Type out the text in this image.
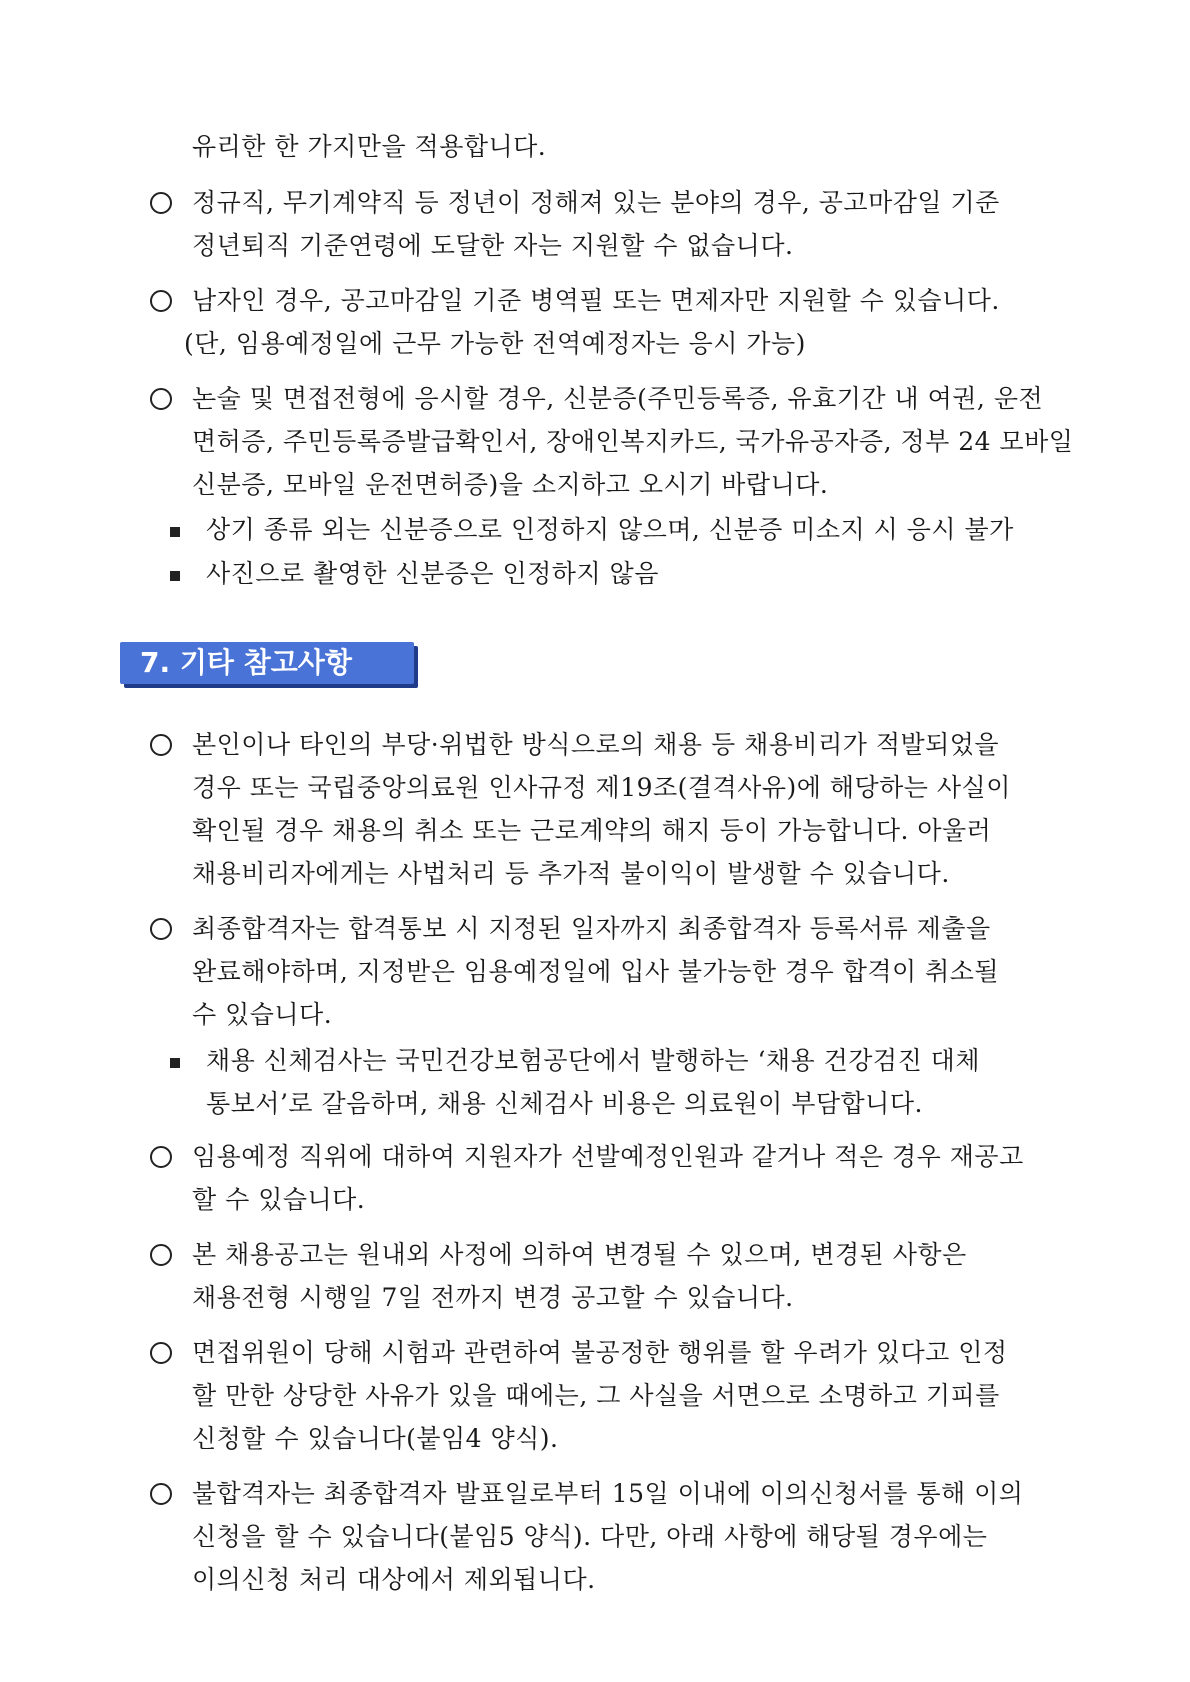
유리한 한 가지만을 적용합니다.
정규직, 무기계약직 등 정년이 정해져 있는 분야의 경우, 공고마감일 기준
정년퇴직 기준연령에 도달한 자는 지원할 수 없습니다.
남자인 경우, 공고마감일 기준 병역필 또는 면제자만 지원할 수 있습니다.
(단, 임용예정일에 근무 가능한 전역예정자는 응시 가능)
논술 및 면접전형에 응시할 경우, 신분증(주민등록증, 유효기간 내 여권, 운전
면허증, 주민등록증발급확인서, 장애인복지카드, 국가유공자증, 정부 24 모바일
신분증, 모바일 운전면허증)을 소지하고 오시기 바랍니다.
상기 종류 외는 신분증으로 인정하지 않으며, 신분증 미소지 시 응시 불가
사진으로 촬영한 신분증은 인정하지 않음
7. 기타 참고사항
본인이나 타인의 부당·위법한 방식으로의 채용 등 채용비리가 적발되었을
경우 또는 국립중앙의료원 인사규정 제19조(결격사유)에 해당하는 사실이
확인될 경우 채용의 취소 또는 근로계약의 해지 등이 가능합니다. 아울러
채용비리자에게는 사법처리 등 추가적 불이익이 발생할 수 있습니다.
최종합격자는 합격통보 시 지정된 일자까지 최종합격자 등록서류 제출을
완료해야하며, 지정받은 임용예정일에 입사 불가능한 경우 합격이 취소될
수 있습니다.
채용 신체검사는 국민건강보험공단에서 발행하는 ‘채용 건강검진 대체
통보서’로 갈음하며, 채용 신체검사 비용은 의료원이 부담합니다.
임용예정 직위에 대하여 지원자가 선발예정인원과 같거나 적은 경우 재공고
할 수 있습니다.
본 채용공고는 원내외 사정에 의하여 변경될 수 있으며, 변경된 사항은
채용전형 시행일 7일 전까지 변경 공고할 수 있습니다.
면접위원이 당해 시험과 관련하여 불공정한 행위를 할 우려가 있다고 인정
할 만한 상당한 사유가 있을 때에는, 그 사실을 서면으로 소명하고 기피를
신청할 수 있습니다(붙임4 양식).
불합격자는 최종합격자 발표일로부터 15일 이내에 이의신청서를 통해 이의
신청을 할 수 있습니다(붙임5 양식). 다만, 아래 사항에 해당될 경우에는
이의신청 처리 대상에서 제외됩니다.
